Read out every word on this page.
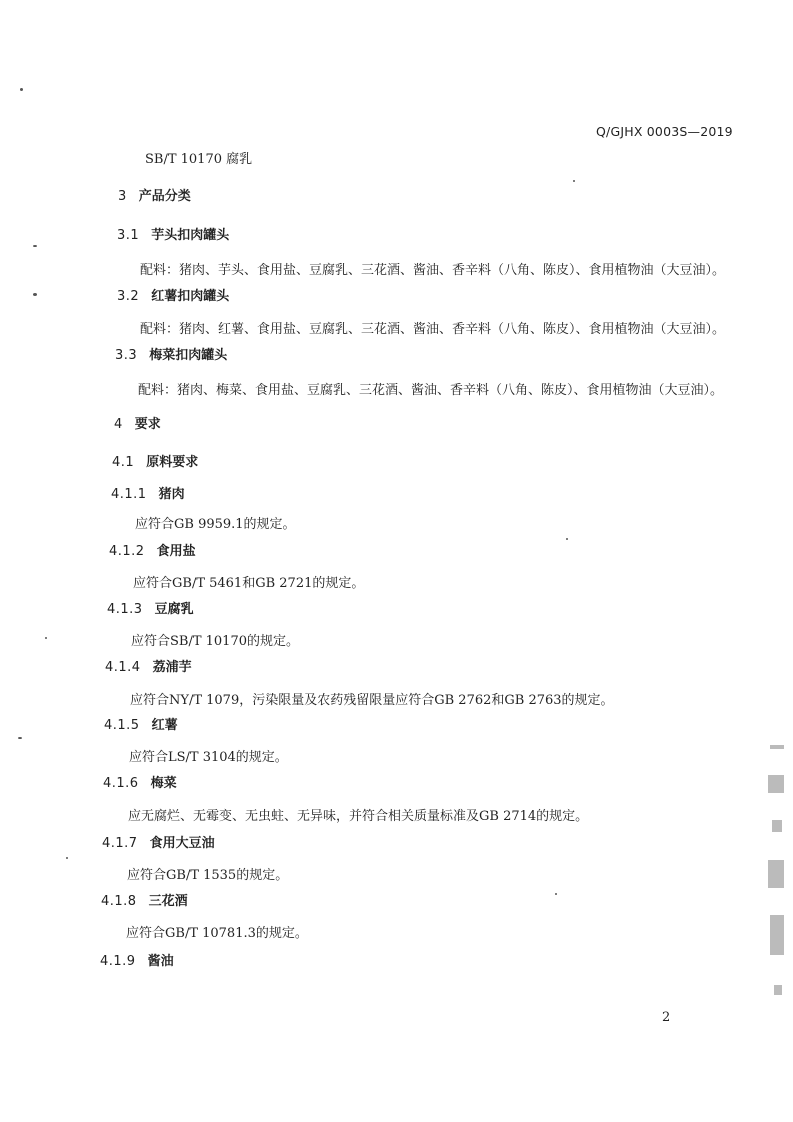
Q/GJHX 0003S—2019
SB/T 10170 腐乳
3 产品分类
3.1 芋头扣肉罐头
配料：猪肉、芋头、食用盐、豆腐乳、三花酒、酱油、香辛料（八角、陈皮）、食用植物油（大豆油）。
3.2 红薯扣肉罐头
配料：猪肉、红薯、食用盐、豆腐乳、三花酒、酱油、香辛料（八角、陈皮）、食用植物油（大豆油）。
3.3 梅菜扣肉罐头
配料：猪肉、梅菜、食用盐、豆腐乳、三花酒、酱油、香辛料（八角、陈皮）、食用植物油（大豆油）。
4 要求
4.1 原料要求
4.1.1 猪肉
应符合GB 9959.1的规定。
4.1.2 食用盐
应符合GB/T 5461和GB 2721的规定。
4.1.3 豆腐乳
应符合SB/T 10170的规定。
4.1.4 荔浦芋
应符合NY/T 1079，污染限量及农药残留限量应符合GB 2762和GB 2763的规定。
4.1.5 红薯
应符合LS/T 3104的规定。
4.1.6 梅菜
应无腐烂、无霉变、无虫蛀、无异味，并符合相关质量标准及GB 2714的规定。
4.1.7 食用大豆油
应符合GB/T 1535的规定。
4.1.8 三花酒
应符合GB/T 10781.3的规定。
4.1.9 酱油
2
